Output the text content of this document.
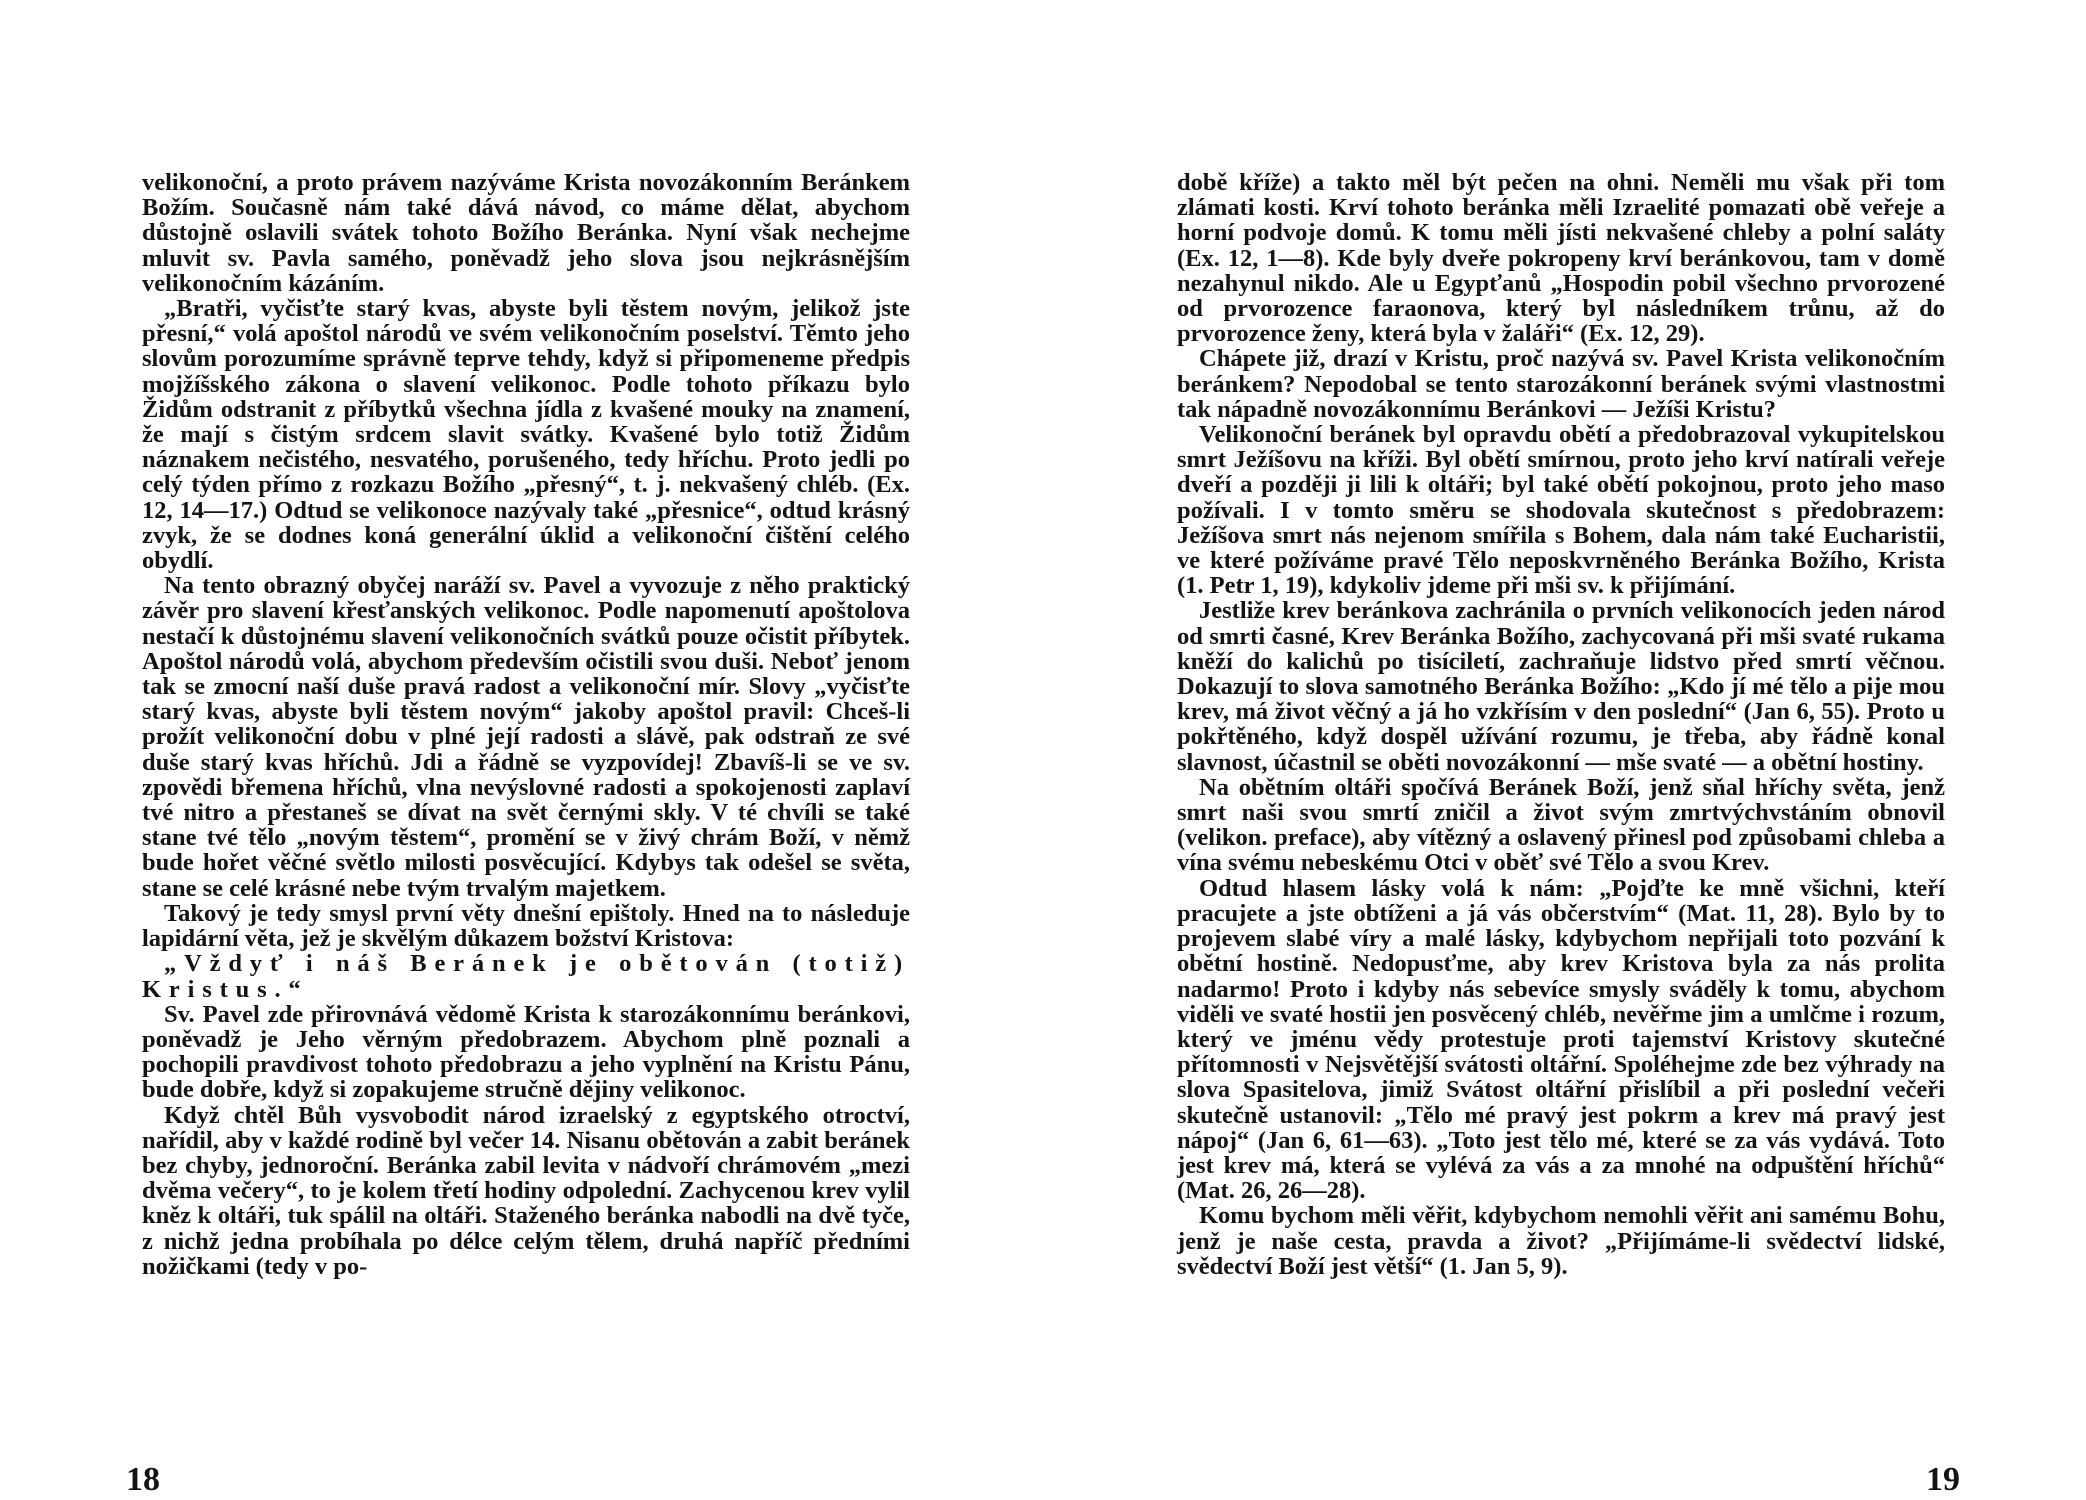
velikonoční, a proto právem nazýváme Krista novozákonním Beránkem Božím. Současně nám také dává návod, co máme dělat, abychom důstojně oslavili svátek tohoto Božího Beránka. Nyní však nechejme mluvit sv. Pavla samého, poněvadž jeho slova jsou nejkrásnějším velikonočním kázáním.

„Bratři, vyčisťte starý kvas, abyste byli těstem novým, jelikož jste přesní,“ volá apoštol národů ve svém velikonočním poselství. Těmto jeho slovům porozumíme správně teprve tehdy, když si připomeneme předpis mojžíšského zákona o slavení velikonoc. Podle tohoto příkazu bylo Židům odstranit z příbytků všechna jídla z kvašené mouky na znamení, že mají s čistým srdcem slavit svátky. Kvašené bylo totiž Židům náznakem nečistého, nesvatého, porušeného, tedy hříchu. Proto jedli po celý týden přímo z rozkazu Božího „přesný“, t. j. nekvašený chléb. (Ex. 12, 14—17.) Odtud se velikonoce nazývaly také „přesnice“, odtud krásný zvyk, že se dodnes koná generální úklid a velikonoční čištění celého obydlí.

Na tento obrazný obyčej naráží sv. Pavel a vyvozuje z něho praktický závěr pro slavení křesťanských velikonoc. Podle napomenutí apoštolova nestačí k důstojnému slavení velikonočních svátků pouze očistit příbytek. Apoštol národů volá, abychom především očistili svou duši. Neboť jenom tak se zmocní naší duše pravá radost a velikonoční mír. Slovy „vyčisťte starý kvas, abyste byli těstem novým“ jakoby apoštol pravil: Chceš-li prožít velikonoční dobu v plné její radosti a slávě, pak odstraň ze své duše starý kvas hříchů. Jdi a řádně se vyzpovídej! Zbavíš-li se ve sv. zpovědi břemena hříchů, vlna nevýslovné radosti a spokojenosti zaplaví tvé nitro a přestaneš se dívat na svět černými skly. V té chvíli se také stane tvé tělo „novým těstem“, promění se v živý chrám Boží, v němž bude hořet věčné světlo milosti posvěcující. Kdybys tak odešel se světa, stane se celé krásné nebe tvým trvalým majetkem.

Takový je tedy smysl první věty dnešní epištoly. Hned na to následuje lapidární věta, jež je skvělým důkazem božství Kristova:

„Vždyť i náš Beránek je obětován (totiž) Kristus.“

Sv. Pavel zde přirovnává vědomě Krista k starozákonnímu beránkovi, poněvadž je Jeho věrným předobrazem. Abychom plně poznali a pochopili pravdivost tohoto předobrazu a jeho vyplnění na Kristu Pánu, bude dobře, když si zopakujeme stručně dějiny velikonoc.

Když chtěl Bůh vysvobodit národ izraelský z egyptského otroctví, nařídil, aby v každé rodině byl večer 14. Nisanu obětován a zabit beránek bez chyby, jednoroční. Beránka zabil levita v nádvoří chrámovém „mezi dvěma večery“, to je kolem třetí hodiny odpolední. Zachycenou krev vylil kněz k oltáři, tuk spálil na oltáři. Staženého beránka nabodli na dvě tyče, z nichž jedna probíhala po délce celým tělem, druhá napříč předními nožičkami (tedy v po-

18

době kříže) a takto měl být pečen na ohni. Neměli mu však při tom zlámati kosti. Krví tohoto beránka měli Izraelité pomazati obě veřeje a horní podvoje domů. K tomu měli jísti nekvašené chleby a polní saláty (Ex. 12, 1—8). Kde byly dveře pokropeny krví beránkovou, tam v domě nezahynul nikdo. Ale u Egypťanů „Hospodin pobil všechno prvorozené od prvorozence faraonova, který byl následníkem trůnu, až do prvorozence ženy, která byla v žaláři“ (Ex. 12, 29).

Chápete již, drazí v Kristu, proč nazývá sv. Pavel Krista velikonočním beránkem? Nepodobal se tento starozákonní beránek svými vlastnostmi tak nápadně novozákonnímu Beránkovi — Ježíši Kristu?

Velikonoční beránek byl opravdu obětí a předobrazoval vykupitelskou smrt Ježíšovu na kříži. Byl obětí smírnou, proto jeho krví natírali veřeje dveří a později ji lili k oltáři; byl také obětí pokojnou, proto jeho maso požívali. I v tomto směru se shodovala skutečnost s předobrazem: Ježíšova smrt nás nejenom smířila s Bohem, dala nám také Eucharistii, ve které požíváme pravé Tělo neposkvrněného Beránka Božího, Krista (1. Petr 1, 19), kdykoliv jdeme při mši sv. k přijímání.

Jestliže krev beránkova zachránila o prvních velikonocích jeden národ od smrti časné, Krev Beránka Božího, zachycovaná při mši svaté rukama kněží do kalichů po tisíciletí, zachraňuje lidstvo před smrtí věčnou. Dokazují to slova samotného Beránka Božího: „Kdo jí mé tělo a pije mou krev, má život věčný a já ho vzkřísím v den poslední“ (Jan 6, 55). Proto u pokřtěného, když dospěl užívání rozumu, je třeba, aby řádně konal slavnost, účastnil se oběti novozákonní — mše svaté — a obětní hostiny.

Na obětním oltáři spočívá Beránek Boží, jenž sňal hříchy světa, jenž smrt naši svou smrtí zničil a život svým zmrtvýchvstáním obnovil (velikon. preface), aby vítězný a oslavený přinesl pod způsobami chleba a vína svému nebeskému Otci v oběť své Tělo a svou Krev.

Odtud hlasem lásky volá k nám: „Pojďte ke mně všichni, kteří pracujete a jste obtíženi a já vás občerstvím“ (Mat. 11, 28). Bylo by to projevem slabé víry a malé lásky, kdybychom nepřijali toto pozvání k obětní hostině. Nedopusťme, aby krev Kristova byla za nás prolita nadarmo! Proto i kdyby nás sebevíce smysly sváděly k tomu, abychom viděli ve svaté hostii jen posvěcený chléb, nevěřme jim a umlčme i rozum, který ve jménu vědy protestuje proti tajemství Kristovy skutečné přítomnosti v Nejsvětější svátosti oltářní. Spoléhejme zde bez výhrady na slova Spasitelova, jimiž Svátost oltářní přislíbil a při poslední večeři skutečně ustanovil: „Tělo mé pravý jest pokrm a krev má pravý jest nápoj“ (Jan 6, 61—63). „Toto jest tělo mé, které se za vás vydává. Toto jest krev má, která se vylévá za vás a za mnohé na odpuštění hříchů“ (Mat. 26, 26—28).

Komu bychom měli věřit, kdybychom nemohli věřit ani samému Bohu, jenž je naše cesta, pravda a život? „Přijímáme-li svědectví lidské, svědectví Boží jest větší“ (1. Jan 5, 9).

19
